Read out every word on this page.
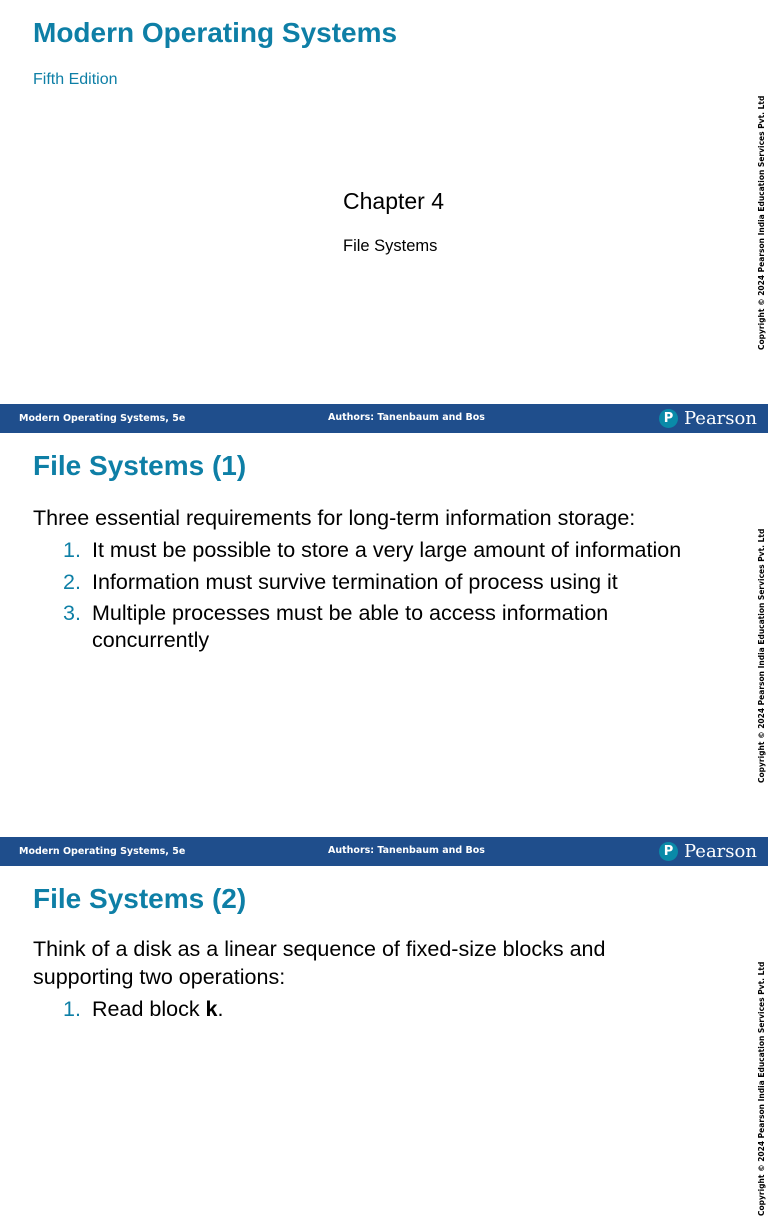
Modern Operating Systems
Fifth Edition
Chapter 4
File Systems	Copyright © 2024 Pearson India Education Services Pvt. Ltd
Modern Operating Systems, 5e	Authors: Tanenbaum and Bos	P Pearson
File Systems (1)
Three essential requirements for long-term information storage:
1. It must be possible to store a very large amount of information
2. Information must survive termination of process using it
3. Multiple processes must be able to access information concurrently	Copyright © 2024 Pearson India Education Services Pvt. Ltd
Modern Operating Systems, 5e	Authors: Tanenbaum and Bos	P Pearson
File Systems (2)
Think of a disk as a linear sequence of fixed-size blocks and supporting two operations:
1. Read block k.	Copyright © 2024 Pearson India Education Services Pvt. Ltd
